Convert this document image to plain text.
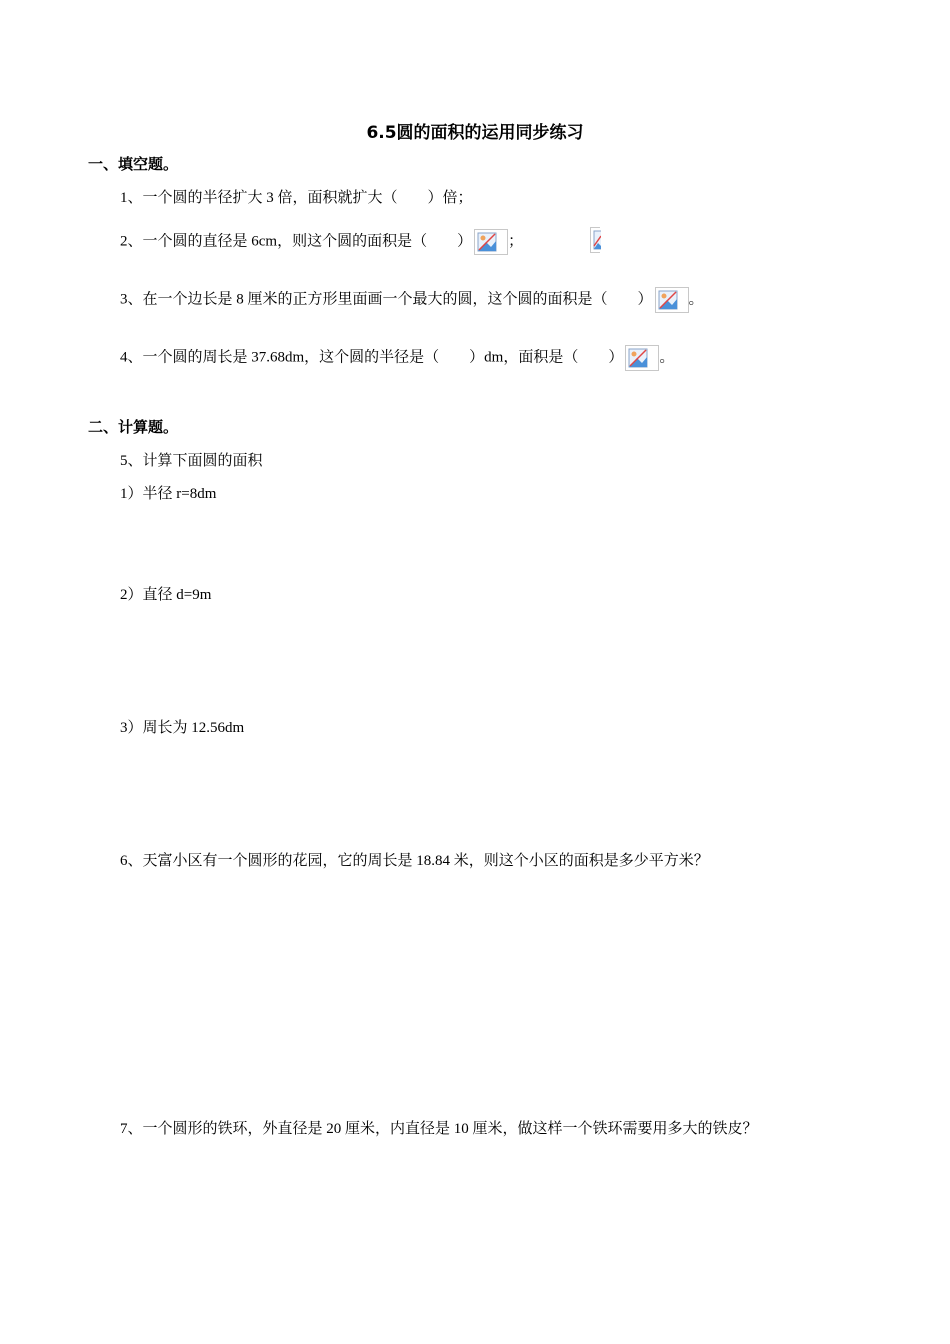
6.5圆的面积的运用同步练习
一、填空题。
1、一个圆的半径扩大 3 倍，面积就扩大（　　）倍；
2、一个圆的直径是 6cm，则这个圆的面积是（　　） ；
3、在一个边长是 8 厘米的正方形里面画一个最大的圆，这个圆的面积是（　　） 。
4、一个圆的周长是 37.68dm，这个圆的半径是（　　）dm，面积是（　　） 。
二、计算题。
5、计算下面圆的面积
1）半径 r=8dm
2）直径 d=9m
3）周长为 12.56dm
6、天富小区有一个圆形的花园，它的周长是 18.84 米，则这个小区的面积是多少平方米？
7、一个圆形的铁环，外直径是 20 厘米，内直径是 10 厘米，做这样一个铁环需要用多大的铁皮？
